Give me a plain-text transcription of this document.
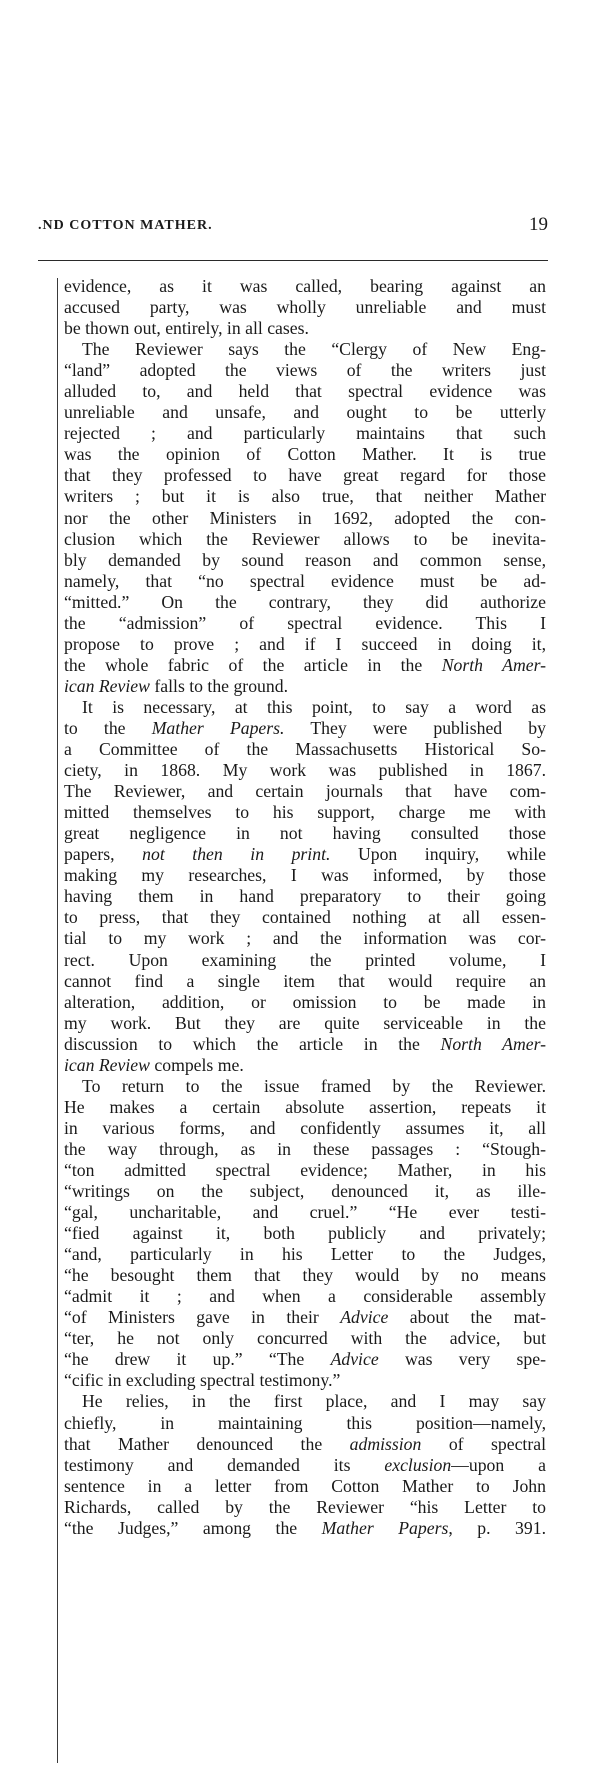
.ND COTTON MATHER.	19
evidence, as it was called, bearing against an
accused party, was wholly unreliable and must
be thown out, entirely, in all cases.
The Reviewer says the “Clergy of New Eng-
“land” adopted the views of the writers just
alluded to, and held that spectral evidence was
unreliable and unsafe, and ought to be utterly
rejected ; and particularly maintains that such
was the opinion of Cotton Mather. It is true
that they professed to have great regard for those
writers ; but it is also true, that neither Mather
nor the other Ministers in 1692, adopted the con-
clusion which the Reviewer allows to be inevita-
bly demanded by sound reason and common sense,
namely, that “no spectral evidence must be ad-
“mitted.” On the contrary, they did authorize
the “admission” of spectral evidence. This I
propose to prove ; and if I succeed in doing it,
the whole fabric of the article in the North Amer-
ican Review falls to the ground.
It is necessary, at this point, to say a word as
to the Mather Papers. They were published by
a Committee of the Massachusetts Historical So-
ciety, in 1868. My work was published in 1867.
The Reviewer, and certain journals that have com-
mitted themselves to his support, charge me with
great negligence in not having consulted those
papers, not then in print. Upon inquiry, while
making my researches, I was informed, by those
having them in hand preparatory to their going
to press, that they contained nothing at all essen-
tial to my work ; and the information was cor-
rect. Upon examining the printed volume, I
cannot find a single item that would require an
alteration, addition, or omission to be made in
my work. But they are quite serviceable in the
discussion to which the article in the North Amer-
ican Review compels me.
To return to the issue framed by the Reviewer.
He makes a certain absolute assertion, repeats it
in various forms, and confidently assumes it, all
the way through, as in these passages : “Stough-
“ton admitted spectral evidence; Mather, in his
“writings on the subject, denounced it, as ille-
“gal, uncharitable, and cruel.” “He ever testi-
“fied against it, both publicly and privately;
“and, particularly in his Letter to the Judges,
“he besought them that they would by no means
“admit it ; and when a considerable assembly
“of Ministers gave in their Advice about the mat-
“ter, he not only concurred with the advice, but
“he drew it up.” “The Advice was very spe-
“cific in excluding spectral testimony.”
He relies, in the first place, and I may say
chiefly, in maintaining this position—namely,
that Mather denounced the admission of spectral
testimony and demanded its exclusion—upon a
sentence in a letter from Cotton Mather to John
Richards, called by the Reviewer “his Letter to
“the Judges,” among the Mather Papers, p. 391.
